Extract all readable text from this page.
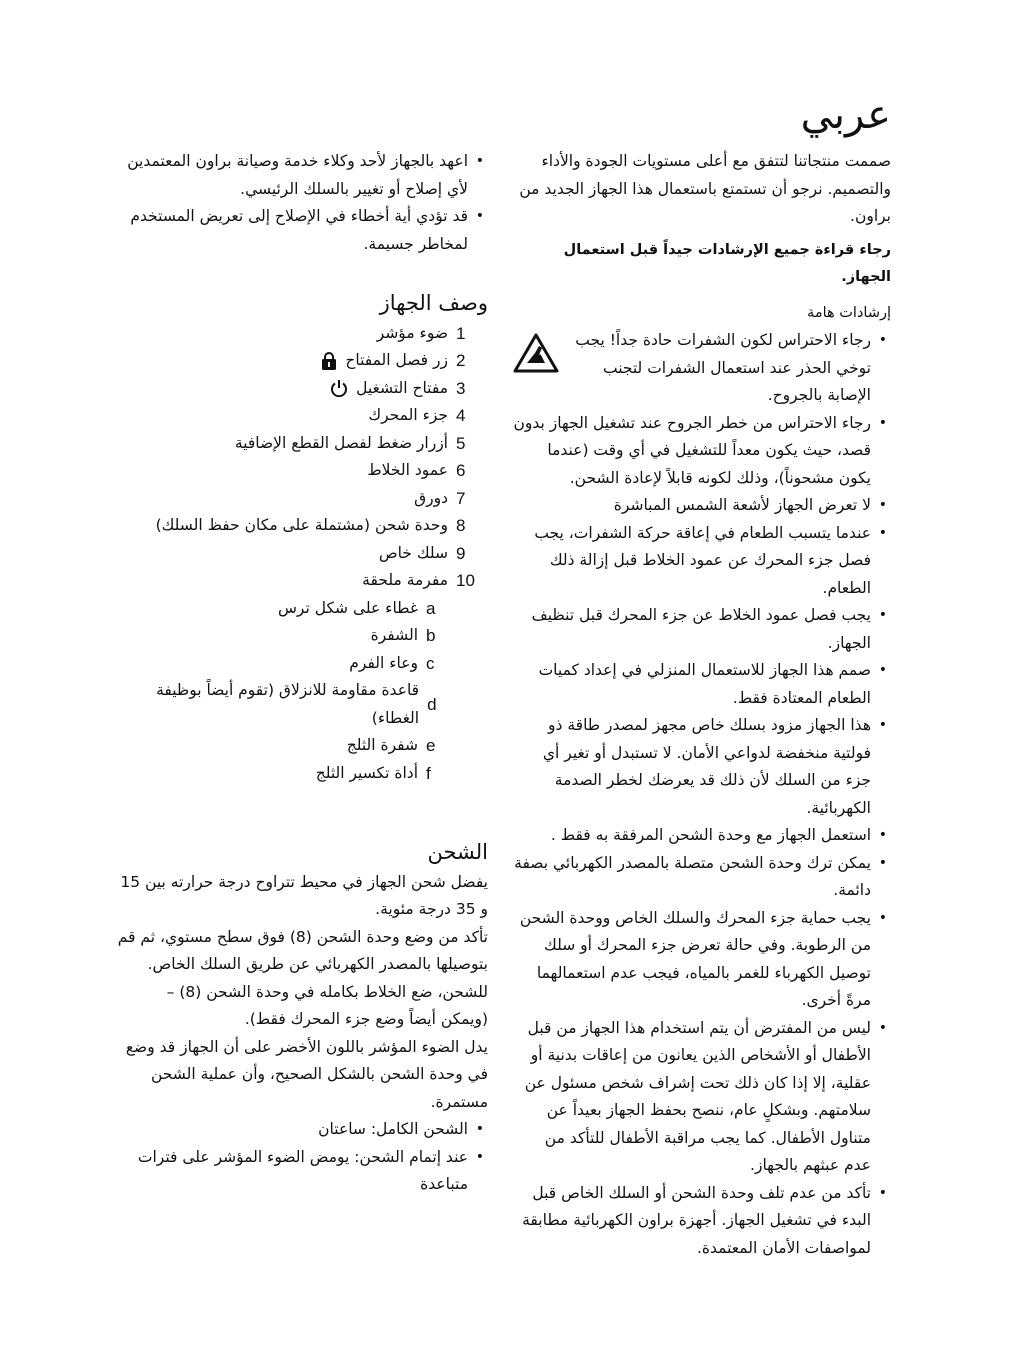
عربي

صممت منتجاتنا لتتفق مع أعلى مستويات الجودة والأداء والتصميم. نرجو أن تستمتع باستعمال هذا الجهاز الجديد من براون.

رجاء قراءة جميع الإرشادات جيداً قبل استعمال الجهاز.

إرشادات هامة

• رجاء الاحتراس لكون الشفرات حادة جداً! يجب توخي الحذر عند استعمال الشفرات لتجنب الإصابة بالجروح.
• رجاء الاحتراس من خطر الجروح عند تشغيل الجهاز بدون قصد، حيث يكون معداً للتشغيل في أي وقت (عندما يكون مشحوناً)، وذلك لكونه قابلاً لإعادة الشحن.
• لا تعرض الجهاز لأشعة الشمس المباشرة
• عندما يتسبب الطعام في إعاقة حركة الشفرات، يجب فصل جزء المحرك عن عمود الخلاط قبل إزالة ذلك الطعام.
• يجب فصل عمود الخلاط عن جزء المحرك قبل تنظيف الجهاز.
• صمم هذا الجهاز للاستعمال المنزلي في إعداد كميات الطعام المعتادة فقط.
• هذا الجهاز مزود بسلك خاص مجهز لمصدر طاقة ذو فولتية منخفضة لدواعي الأمان. لا تستبدل أو تغير أي جزء من السلك لأن ذلك قد يعرضك لخطر الصدمة الكهربائية.
• استعمل الجهاز مع وحدة الشحن المرفقة به فقط .
• يمكن ترك وحدة الشحن متصلة بالمصدر الكهربائي بصفة دائمة.
• يجب حماية جزء المحرك والسلك الخاص ووحدة الشحن من الرطوبة. وفي حالة تعرض جزء المحرك أو سلك توصيل الكهرباء للغمر بالمياه، فيجب عدم استعمالهما مرةً أخرى.
• ليس من المفترض أن يتم استخدام هذا الجهاز من قبل الأطفال أو الأشخاص الذين يعانون من إعاقات بدنية أو عقلية، إلا إذا كان ذلك تحت إشراف شخص مسئول عن سلامتهم. وبشكلٍ عام، ننصح بحفظ الجهاز بعيداً عن متناول الأطفال. كما يجب مراقبة الأطفال للتأكد من عدم عبثهم بالجهاز.
• تأكد من عدم تلف وحدة الشحن أو السلك الخاص قبل البدء في تشغيل الجهاز. أجهزة براون الكهربائية مطابقة لمواصفات الأمان المعتمدة.
• اعهد بالجهاز لأحد وكلاء خدمة وصيانة براون المعتمدين لأي إصلاح أو تغيير بالسلك الرئيسي.
• قد تؤدي أية أخطاء في الإصلاح إلى تعريض المستخدم لمخاطر جسيمة.
وصف الجهاز
1
ضوء مؤشر
2
زر فصل المفتاح
3
مفتاح التشغيل
4
جزء المحرك
5
أزرار ضغط لفصل القطع الإضافية
6
عمود الخلاط
7
دورق
8
وحدة شحن (مشتملة على مكان حفظ السلك)
9
سلك خاص
10
مفرمة ملحقة
a
غطاء على شكل ترس
b
الشفرة
c
وعاء الفرم
d
قاعدة مقاومة للانزلاق (تقوم أيضاً بوظيفة الغطاء)
e
شفرة الثلج
f
أداة تكسير الثلج
الشحن

يفضل شحن الجهاز في محيط تتراوح درجة حرارته بين 15 و 35 درجة مئوية.

تأكد من وضع وحدة الشحن (8) فوق سطح مستوي، ثم قم بتوصيلها بالمصدر الكهربائي عن طريق السلك الخاص.

للشحن، ضع الخلاط بكامله في وحدة الشحن (8) – (ويمكن أيضاً وضع جزء المحرك فقط).

يدل الضوء المؤشر باللون الأخضر على أن الجهاز قد وضع في وحدة الشحن بالشكل الصحيح، وأن عملية الشحن مستمرة.

• الشحن الكامل: ساعتان
• عند إتمام الشحن: يومض الضوء المؤشر على فترات متباعدة
